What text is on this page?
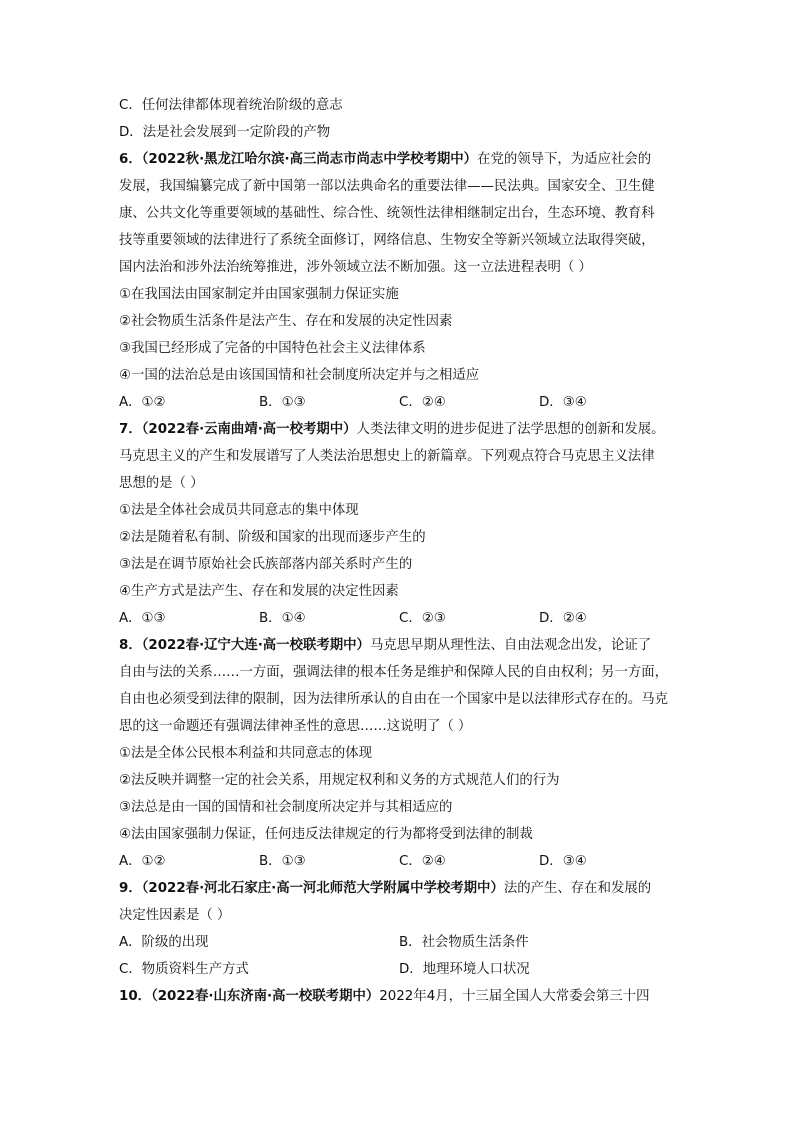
C．任何法律都体现着统治阶级的意志
D．法是社会发展到一定阶段的产物
6．（2022秋·黑龙江哈尔滨·高三尚志市尚志中学校考期中）在党的领导下，为适应社会的
发展，我国编纂完成了新中国第一部以法典命名的重要法律——民法典。国家安全、卫生健
康、公共文化等重要领域的基础性、综合性、统领性法律相继制定出台，生态环境、教育科
技等重要领域的法律进行了系统全面修订，网络信息、生物安全等新兴领域立法取得突破，
国内法治和涉外法治统筹推进，涉外领域立法不断加强。这一立法进程表明（ ）
①在我国法由国家制定并由国家强制力保证实施
②社会物质生活条件是法产生、存在和发展的决定性因素
③我国已经形成了完备的中国特色社会主义法律体系
④一国的法治总是由该国国情和社会制度所决定并与之相适应
A．①②	B．①③	C．②④	D．③④
7．（2022春·云南曲靖·高一校考期中）人类法律文明的进步促进了法学思想的创新和发展。
马克思主义的产生和发展谱写了人类法治思想史上的新篇章。下列观点符合马克思主义法律
思想的是（ ）
①法是全体社会成员共同意志的集中体现
②法是随着私有制、阶级和国家的出现而逐步产生的
③法是在调节原始社会氏族部落内部关系时产生的
④生产方式是法产生、存在和发展的决定性因素
A．①③	B．①④	C．②③	D．②④
8．（2022春·辽宁大连·高一校联考期中）马克思早期从理性法、自由法观念出发，论证了
自由与法的关系……一方面，强调法律的根本任务是维护和保障人民的自由权利；另一方面，
自由也必须受到法律的限制，因为法律所承认的自由在一个国家中是以法律形式存在的。马克
思的这一命题还有强调法律神圣性的意思……这说明了（ ）
①法是全体公民根本利益和共同意志的体现
②法反映并调整一定的社会关系，用规定权利和义务的方式规范人们的行为
③法总是由一国的国情和社会制度所决定并与其相适应的
④法由国家强制力保证，任何违反法律规定的行为都将受到法律的制裁
A．①②	B．①③	C．②④	D．③④
9．（2022春·河北石家庄·高一河北师范大学附属中学校考期中）法的产生、存在和发展的
决定性因素是（ ）
A．阶级的出现	B．社会物质生活条件
C．物质资料生产方式	D．地理环境人口状况
10．（2022春·山东济南·高一校联考期中）2022年4月，十三届全国人大常委会第三十四
